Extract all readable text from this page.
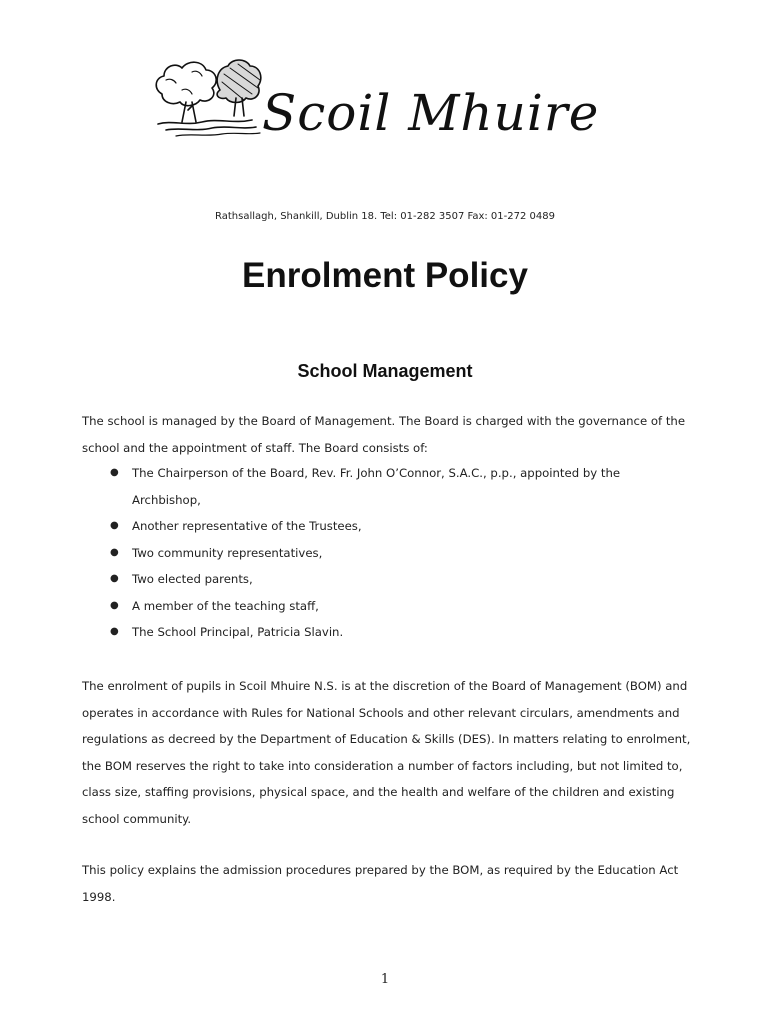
Scoil Mhuire
Rathsallagh, Shankill, Dublin 18. Tel: 01-282 3507 Fax: 01-272 0489
Enrolment Policy
School Management

The school is managed by the Board of Management. The Board is charged with the governance of the school and the appointment of staff. The Board consists of:

● The Chairperson of the Board, Rev. Fr. John O’Connor, S.A.C., p.p., appointed by the Archbishop,
● Another representative of the Trustees,
● Two community representatives,
● Two elected parents,
● A member of the teaching staff,
● The School Principal, Patricia Slavin.

The enrolment of pupils in Scoil Mhuire N.S. is at the discretion of the Board of Management (BOM) and operates in accordance with Rules for National Schools and other relevant circulars, amendments and regulations as decreed by the Department of Education & Skills (DES). In matters relating to enrolment, the BOM reserves the right to take into consideration a number of factors including, but not limited to, class size, staffing provisions, physical space, and the health and welfare of the children and existing school community.

This policy explains the admission procedures prepared by the BOM, as required by the Education Act 1998.

1
